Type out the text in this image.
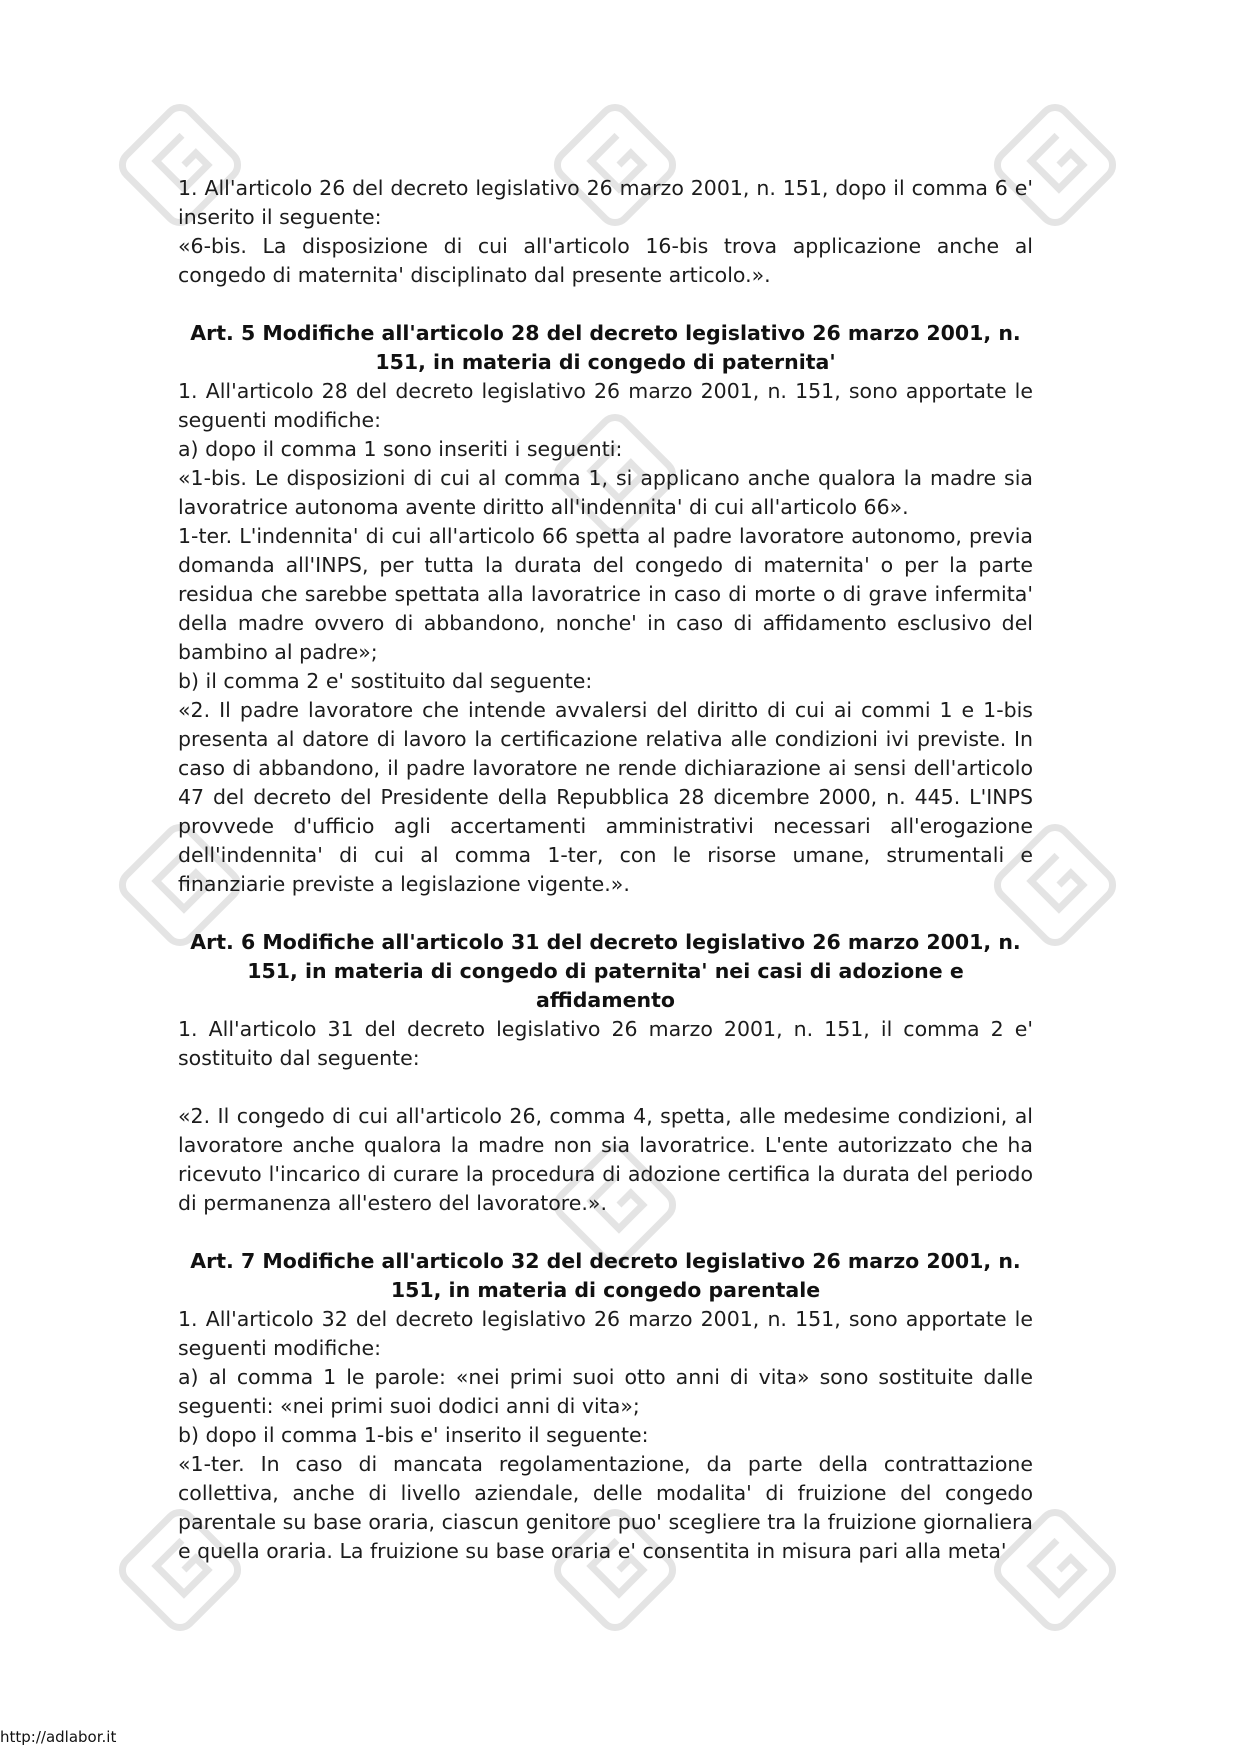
1. All'articolo 26 del decreto legislativo 26 marzo 2001, n. 151, dopo il comma 6 e' inserito il seguente:

«6-bis. La disposizione di cui all'articolo 16-bis trova applicazione anche al congedo di maternita' disciplinato dal presente articolo.».

Art. 5 Modifiche all'articolo 28 del decreto legislativo 26 marzo 2001, n. 151, in materia di congedo di paternita'

1. All'articolo 28 del decreto legislativo 26 marzo 2001, n. 151, sono apportate le seguenti modifiche:

a) dopo il comma 1 sono inseriti i seguenti:

«1-bis. Le disposizioni di cui al comma 1, si applicano anche qualora la madre sia lavoratrice autonoma avente diritto all'indennita' di cui all'articolo 66».

1-ter. L'indennita' di cui all'articolo 66 spetta al padre lavoratore autonomo, previa domanda all'INPS, per tutta la durata del congedo di maternita' o per la parte residua che sarebbe spettata alla lavoratrice in caso di morte o di grave infermita' della madre ovvero di abbandono, nonche' in caso di affidamento esclusivo del bambino al padre»;

b) il comma 2 e' sostituito dal seguente:

«2. Il padre lavoratore che intende avvalersi del diritto di cui ai commi 1 e 1-bis presenta al datore di lavoro la certificazione relativa alle condizioni ivi previste. In caso di abbandono, il padre lavoratore ne rende dichiarazione ai sensi dell'articolo 47 del decreto del Presidente della Repubblica 28 dicembre 2000, n. 445. L'INPS provvede d'ufficio agli accertamenti amministrativi necessari all'erogazione dell'indennita' di cui al comma 1-ter, con le risorse umane, strumentali e finanziarie previste a legislazione vigente.».

Art. 6 Modifiche all'articolo 31 del decreto legislativo 26 marzo 2001, n. 151, in materia di congedo di paternita' nei casi di adozione e affidamento

1. All'articolo 31 del decreto legislativo 26 marzo 2001, n. 151, il comma 2 e' sostituito dal seguente:

«2. Il congedo di cui all'articolo 26, comma 4, spetta, alle medesime condizioni, al lavoratore anche qualora la madre non sia lavoratrice. L'ente autorizzato che ha ricevuto l'incarico di curare la procedura di adozione certifica la durata del periodo di permanenza all'estero del lavoratore.».

Art. 7 Modifiche all'articolo 32 del decreto legislativo 26 marzo 2001, n. 151, in materia di congedo parentale

1. All'articolo 32 del decreto legislativo 26 marzo 2001, n. 151, sono apportate le seguenti modifiche:

a) al comma 1 le parole: «nei primi suoi otto anni di vita» sono sostituite dalle seguenti: «nei primi suoi dodici anni di vita»;

b) dopo il comma 1-bis e' inserito il seguente:

«1-ter. In caso di mancata regolamentazione, da parte della contrattazione collettiva, anche di livello aziendale, delle modalita' di fruizione del congedo parentale su base oraria, ciascun genitore puo' scegliere tra la fruizione giornaliera e quella oraria. La fruizione su base oraria e' consentita in misura pari alla meta'

http://adlabor.it
